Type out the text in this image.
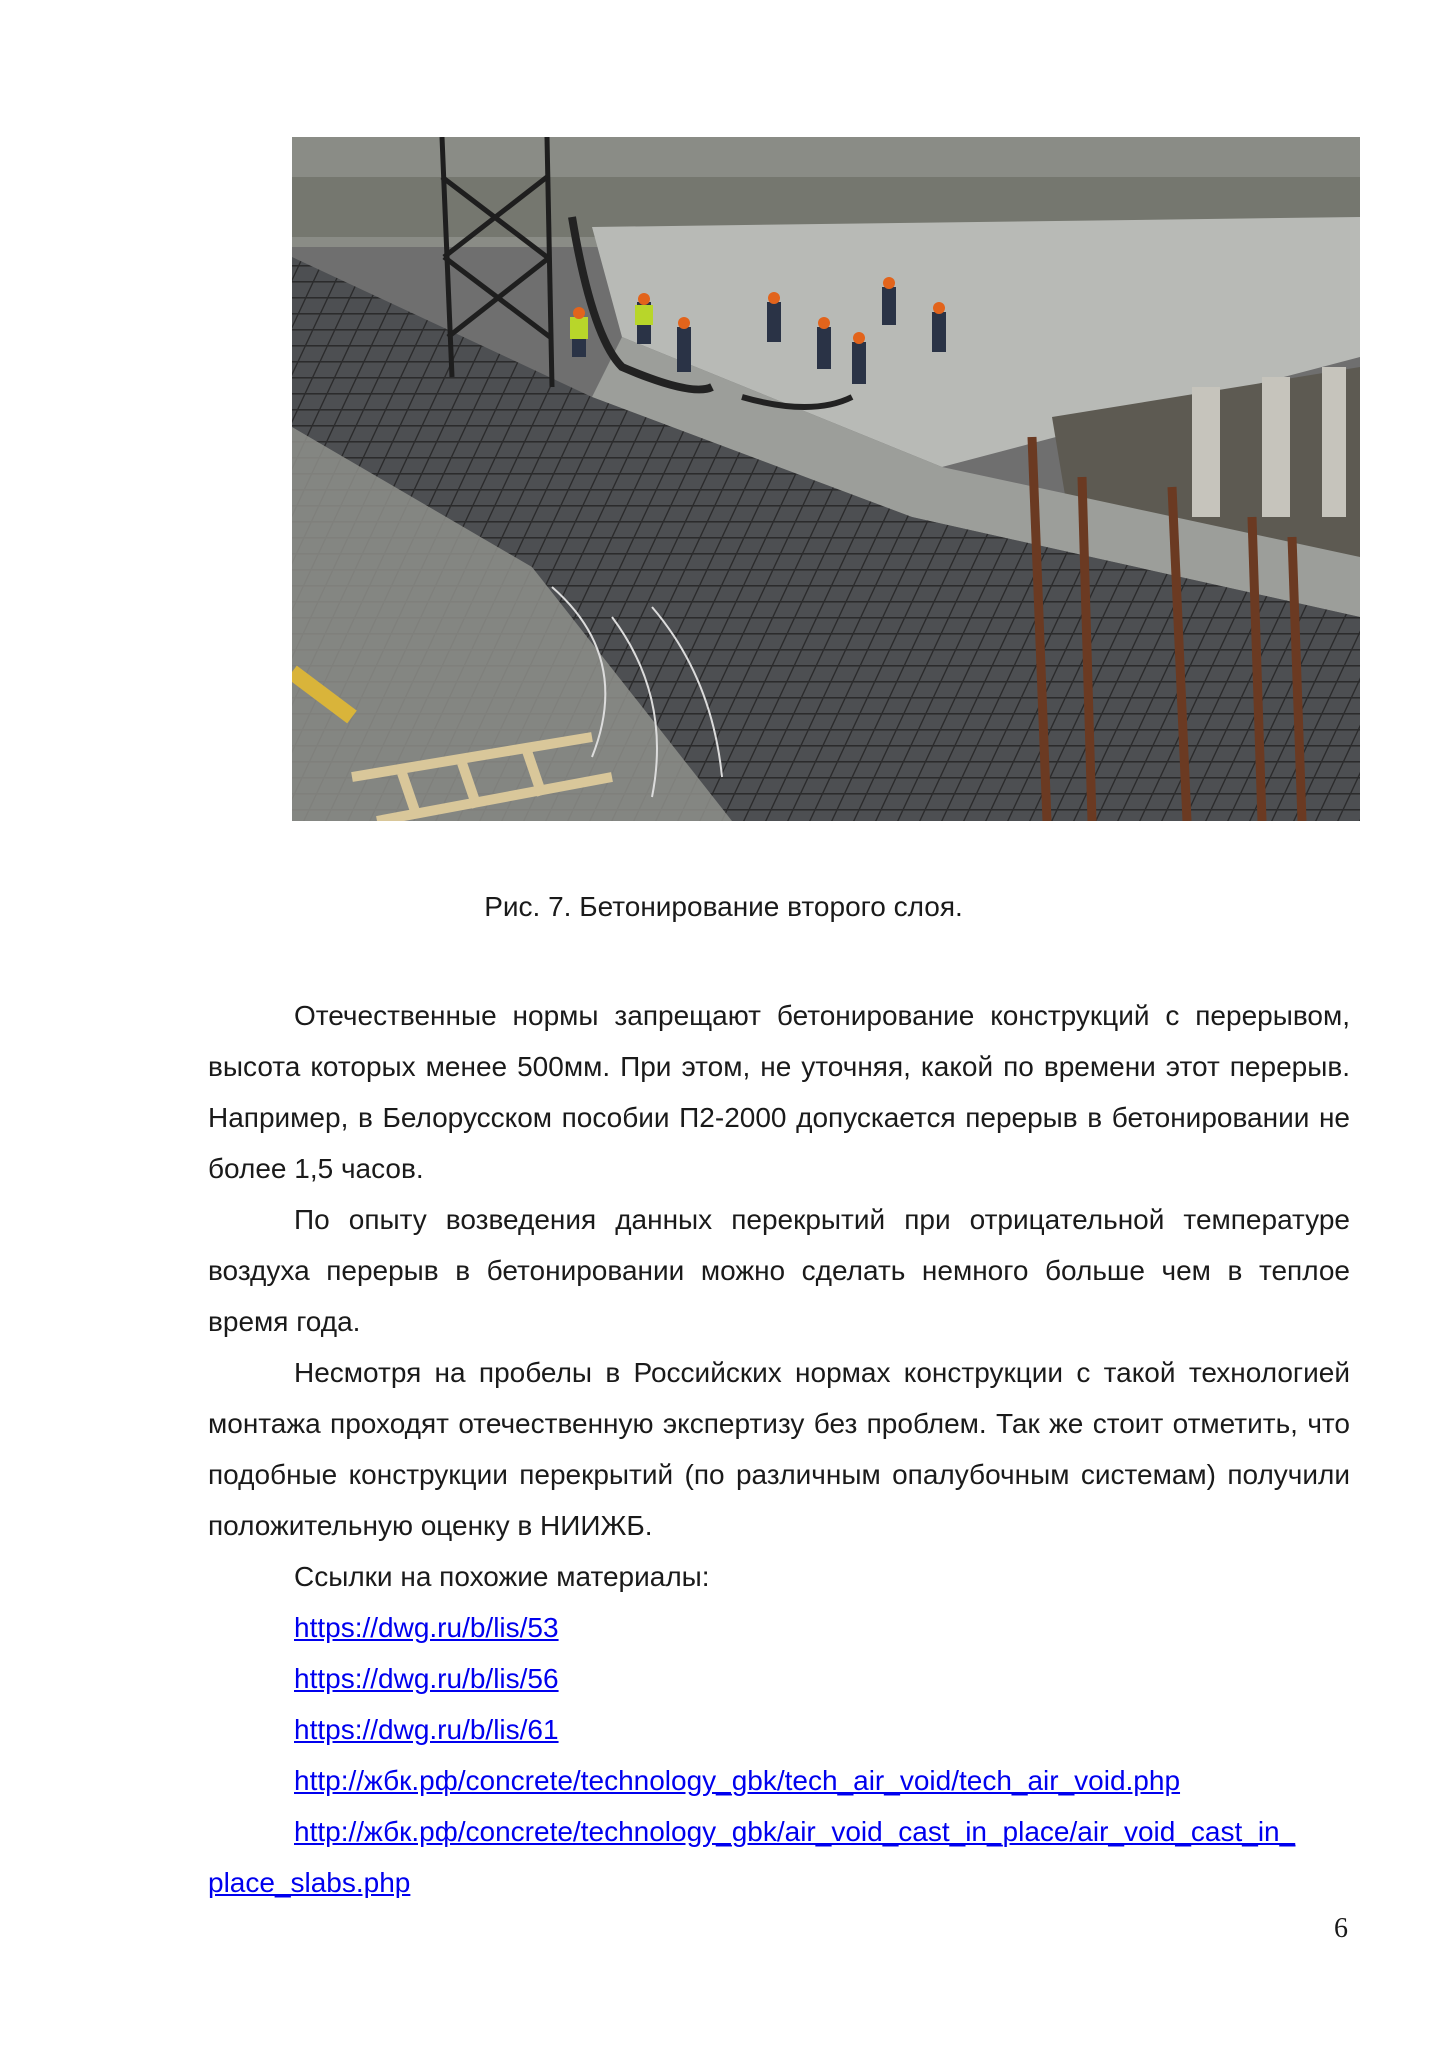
Рис. 7. Бетонирование второго слоя.

Отечественные нормы запрещают бетонирование конструкций с перерывом, высота которых менее 500мм. При этом, не уточняя, какой по времени этот перерыв. Например, в Белорусском пособии П2-2000 допускается перерыв в бетонировании не более 1,5 часов.

По опыту возведения данных перекрытий при отрицательной температуре воздуха перерыв в бетонировании можно сделать немного больше чем в теплое время года.

Несмотря на пробелы в Российских нормах конструкции с такой технологией монтажа проходят отечественную экспертизу без проблем. Так же стоит отметить, что подобные конструкции перекрытий (по различным опалубочным системам) получили положительную оценку в НИИЖБ.

Ссылки на похожие материалы:

https://dwg.ru/b/lis/53
https://dwg.ru/b/lis/56
https://dwg.ru/b/lis/61
http://жбк.рф/concrete/technology_gbk/tech_air_void/tech_air_void.php
http://жбк.рф/concrete/technology_gbk/air_void_cast_in_place/air_void_cast_in_
place_slabs.php
6
